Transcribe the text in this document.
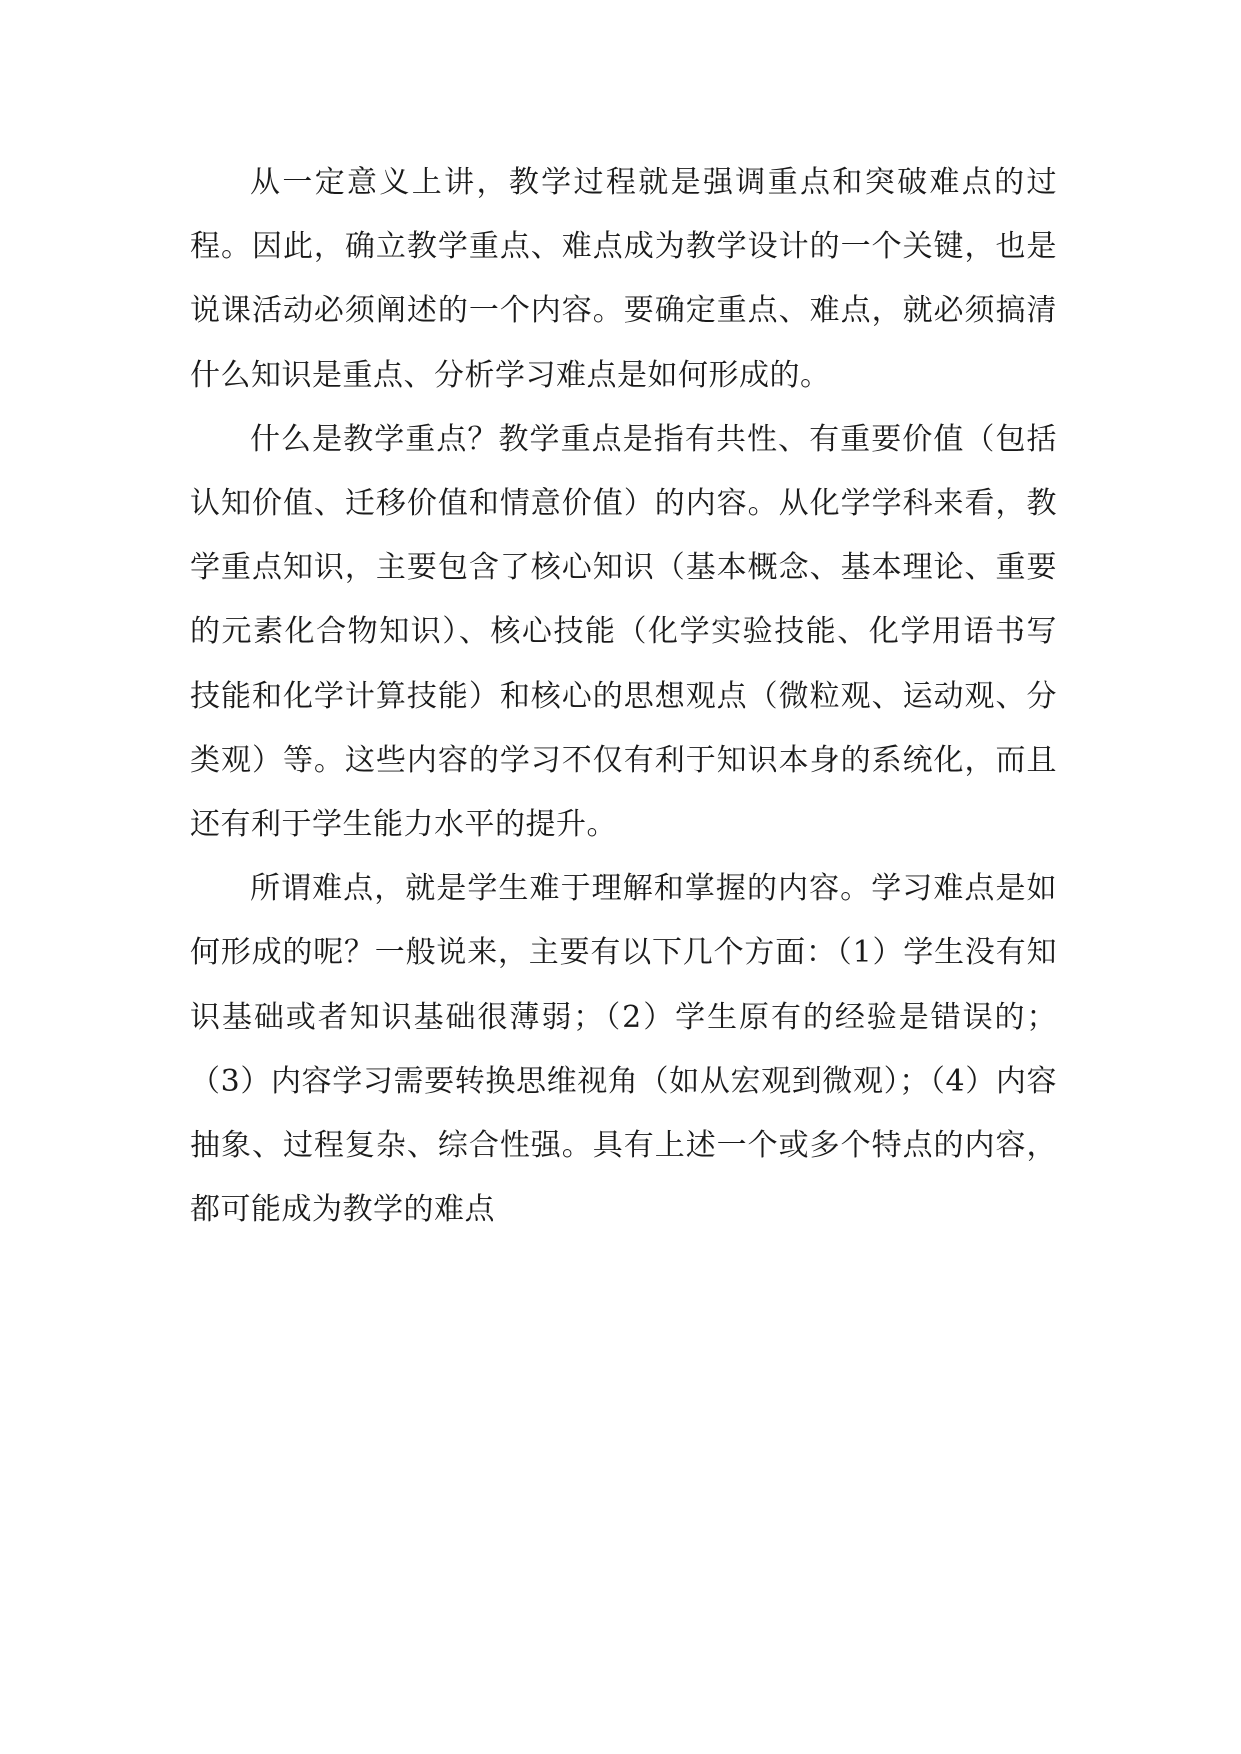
从一定意义上讲，教学过程就是强调重点和突破难点的过程。因此，确立教学重点、难点成为教学设计的一个关键，也是说课活动必须阐述的一个内容。要确定重点、难点，就必须搞清什么知识是重点、分析学习难点是如何形成的。

什么是教学重点？教学重点是指有共性、有重要价值（包括认知价值、迁移价值和情意价值）的内容。从化学学科来看，教学重点知识，主要包含了核心知识（基本概念、基本理论、重要的元素化合物知识）、核心技能（化学实验技能、化学用语书写技能和化学计算技能）和核心的思想观点（微粒观、运动观、分类观）等。这些内容的学习不仅有利于知识本身的系统化，而且还有利于学生能力水平的提升。

所谓难点，就是学生难于理解和掌握的内容。学习难点是如何形成的呢？一般说来，主要有以下几个方面：（1）学生没有知识基础或者知识基础很薄弱；（2）学生原有的经验是错误的；（3）内容学习需要转换思维视角（如从宏观到微观）；（4）内容抽象、过程复杂、综合性强。具有上述一个或多个特点的内容，都可能成为教学的难点
